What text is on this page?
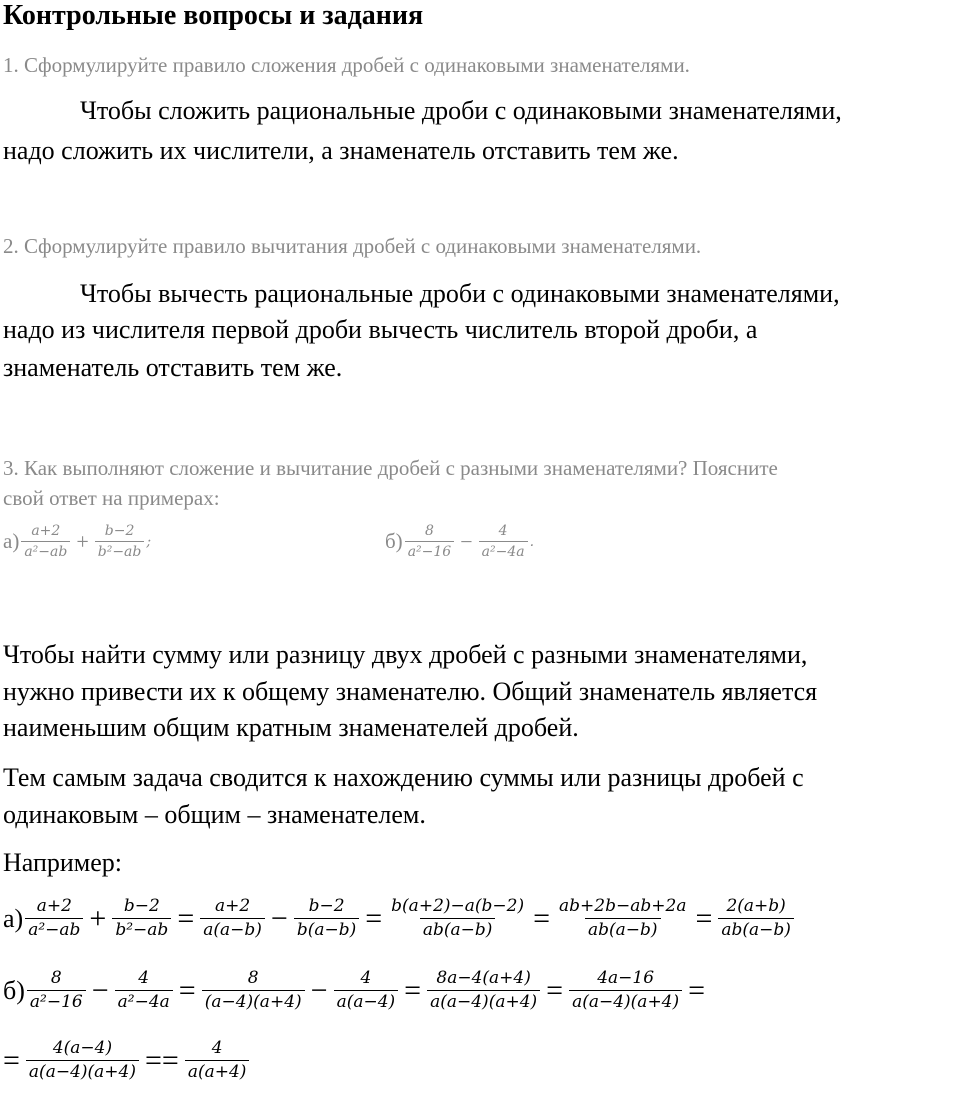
Контрольные вопросы и задания
1. Сформулируйте правило сложения дробей с одинаковыми знаменателями.
Чтобы сложить рациональные дроби с одинаковыми знаменателями,
надо сложить их числители, а знаменатель отставить тем же.
2. Сформулируйте правило вычитания дробей с одинаковыми знаменателями.
Чтобы вычесть рациональные дроби с одинаковыми знаменателями,
надо из числителя первой дроби вычесть числитель второй дроби, а
знаменатель отставить тем же.
3. Как выполняют сложение и вычитание дробей с разными знаменателями? Поясните
свой ответ на примерах:
$а) \frac{a+2}{\text{a²−ab}} + \frac{b-2}{\text{b²−ab}}$ ;	$б) \frac{8}{\text{a²−16}} - \frac{4}{\text{a²−4a}}$ .
Чтобы найти сумму или разницу двух дробей с разными знаменателями,
нужно привести их к общему знаменателю. Общий знаменатель является
наименьшим общим кратным знаменателей дробей.
Тем самым задача сводится к нахождению суммы или разницы дробей с
одинаковым – общим – знаменателем.
Например:
$а) \frac{a+2}{\text{a²−ab}} + \frac{b-2}{\text{b²−ab}} = \frac{a+2}{a(a-b)} - \frac{b-2}{b(a-b)} = \frac{b(a+2)-a(b-2)}{ab(a-b)} = \frac{ab+2b-ab+2a}{ab(a-b)} = \frac{2(a+b)}{ab(a-b)}$
$б) \frac{8}{\text{a²−16}} - \frac{4}{\text{a²−4a}} = \frac{8}{(a-4)(a+4)} - \frac{4}{a(a-4)} = \frac{8a-4(a+4)}{a(a-4)(a+4)} = \frac{4a-16}{a(a-4)(a+4)}$ =
= $\frac{4(a-4)}{a(a-4)(a+4)} == \frac{4}{a(a+4)}$
